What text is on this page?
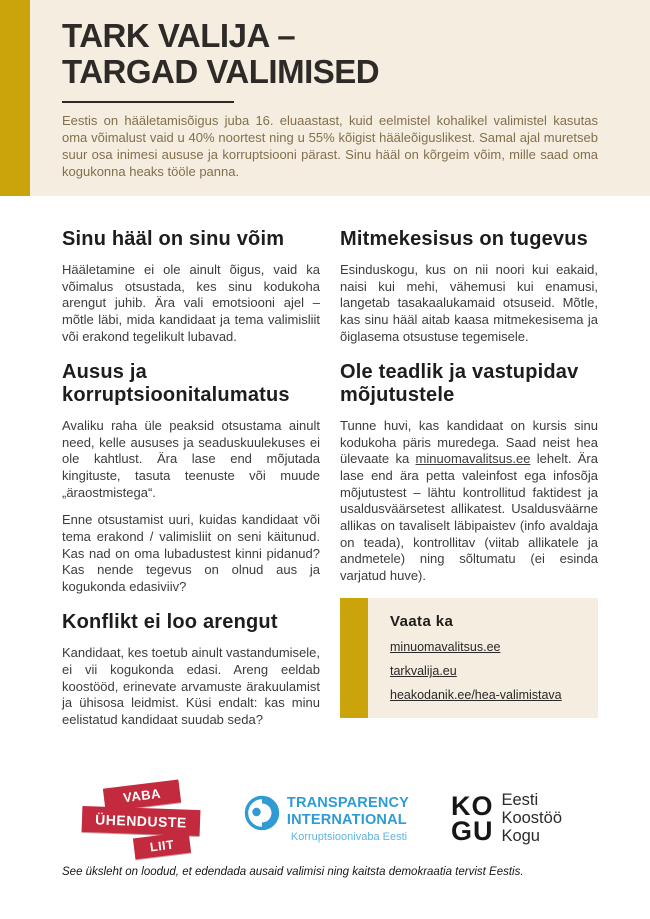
TARK VALIJA –
TARGAD VALIMISED

Eestis on hääletamisõigus juba 16. eluaastast, kuid eelmistel kohalikel valimistel kasutas oma võimalust vaid u 40% noortest ning u 55% kõigist hääleõiguslikest. Samal ajal muretseb suur osa inimesi aususe ja korruptsiooni pärast. Sinu hääl on kõrgeim võim, mille saad oma kogukonna heaks tööle panna.

Sinu hääl on sinu võim

Hääletamine ei ole ainult õigus, vaid ka võimalus otsustada, kes sinu kodukoha arengut juhib. Ära vali emotsiooni ajel – mõtle läbi, mida kandidaat ja tema valimisliit või erakond tegelikult lubavad.

Ausus ja korruptsioonitalumatus

Avaliku raha üle peaksid otsustama ainult need, kelle aususes ja seaduskuulekuses ei ole kahtlust. Ära lase end mõjutada kingituste, tasuta teenuste või muude „äraostmistega“.

Enne otsustamist uuri, kuidas kandidaat või tema erakond / valimisliit on seni käitunud. Kas nad on oma lubadustest kinni pidanud? Kas nende tegevus on olnud aus ja kogukonda edasiviiv?

Konflikt ei loo arengut

Kandidaat, kes toetub ainult vastandumisele, ei vii kogukonda edasi. Areng eeldab koostööd, erinevate arvamuste ärakuulamist ja ühisosa leidmist. Küsi endalt: kas minu eelistatud kandidaat suudab seda?

Mitmekesisus on tugevus

Esinduskogu, kus on nii noori kui eakaid, naisi kui mehi, vähemusi kui enamusi, langetab tasakaalukamaid otsuseid. Mõtle, kas sinu hääl aitab kaasa mitmekesisema ja õiglasema otsustuse tegemisele.

Ole teadlik ja vastupidav mõjutustele

Tunne huvi, kas kandidaat on kursis sinu kodukoha päris muredega. Saad neist hea ülevaate ka minuomavalitsus.ee lehelt. Ära lase end ära petta valeinfost ega infosõja mõjutustest – lähtu kontrollitud faktidest ja usaldusväärsetest allikatest. Usaldusväärne allikas on tavaliselt läbipaistev (info avaldaja on teada), kontrollitav (viitab allikatele ja andmetele) ning sõltumatu (ei esinda varjatud huve).

Vaata ka
minuomavalitsus.ee
tarkvalija.eu
heakodanik.ee/hea-valimistava
VABA
ÜHENDUSTE
LIIT
TRANSPARENCY
INTERNATIONAL
Korruptsioonivaba Eesti
KO
GU
Eesti
Koostöö
Kogu
See üksleht on loodud, et edendada ausaid valimisi ning kaitsta demokraatia tervist Eestis.
